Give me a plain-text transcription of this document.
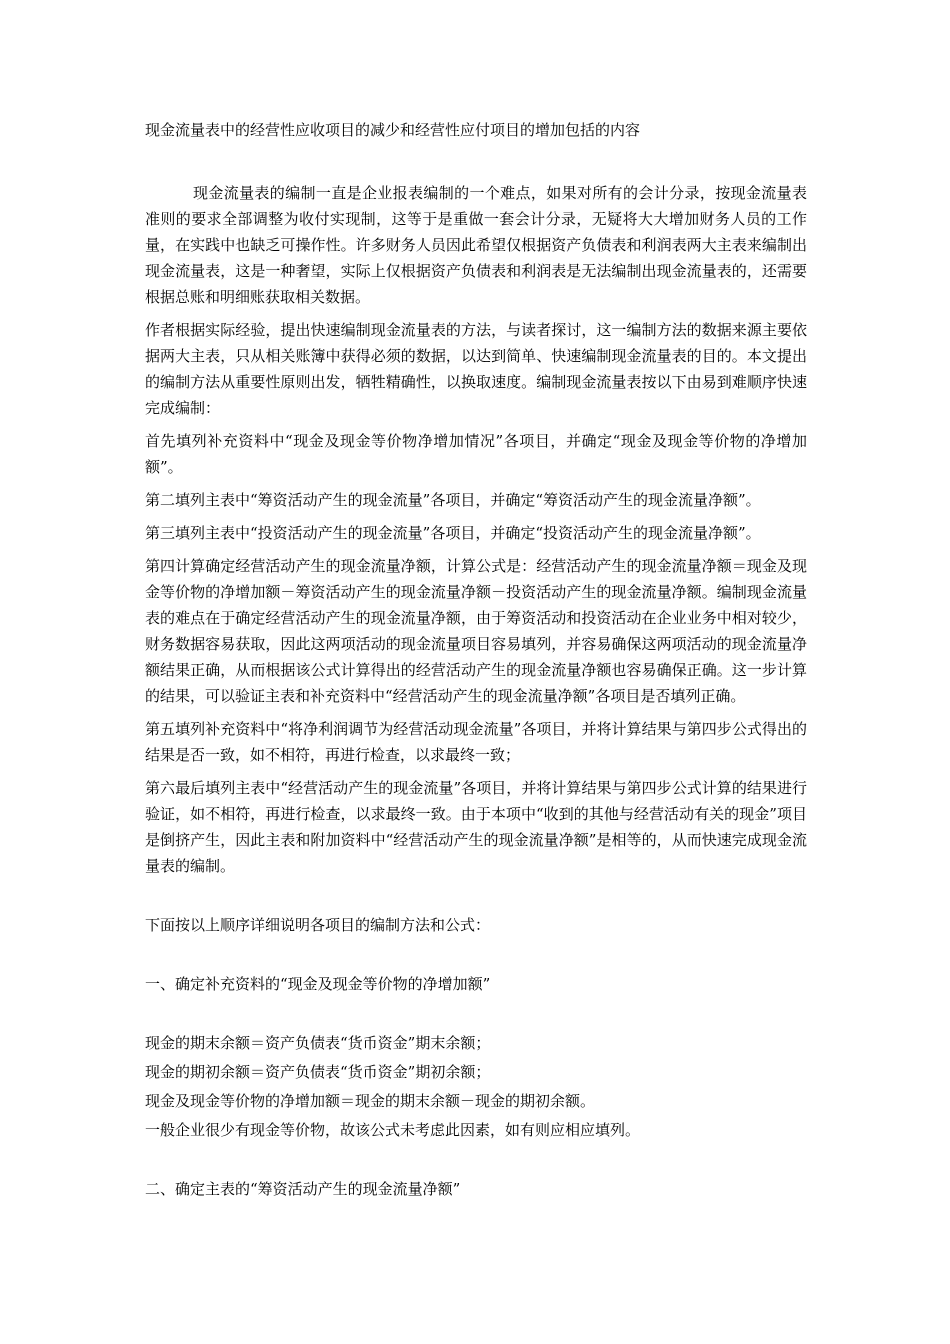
现金流量表中的经营性应收项目的减少和经营性应付项目的增加包括的内容

现金流量表的编制一直是企业报表编制的一个难点，如果对所有的会计分录，按现金流量表准则的要求全部调整为收付实现制，这等于是重做一套会计分录，无疑将大大增加财务人员的工作量，在实践中也缺乏可操作性。许多财务人员因此希望仅根据资产负债表和利润表两大主表来编制出现金流量表，这是一种奢望，实际上仅根据资产负债表和利润表是无法编制出现金流量表的，还需要根据总账和明细账获取相关数据。

作者根据实际经验，提出快速编制现金流量表的方法，与读者探讨，这一编制方法的数据来源主要依据两大主表，只从相关账簿中获得必须的数据，以达到简单、快速编制现金流量表的目的。本文提出的编制方法从重要性原则出发，牺牲精确性，以换取速度。编制现金流量表按以下由易到难顺序快速完成编制：

首先填列补充资料中“现金及现金等价物净增加情况”各项目，并确定“现金及现金等价物的净增加额”。

第二填列主表中“筹资活动产生的现金流量”各项目，并确定“筹资活动产生的现金流量净额”。

第三填列主表中“投资活动产生的现金流量”各项目，并确定“投资活动产生的现金流量净额”。

第四计算确定经营活动产生的现金流量净额，计算公式是：经营活动产生的现金流量净额＝现金及现金等价物的净增加额－筹资活动产生的现金流量净额－投资活动产生的现金流量净额。编制现金流量表的难点在于确定经营活动产生的现金流量净额，由于筹资活动和投资活动在企业业务中相对较少，财务数据容易获取，因此这两项活动的现金流量项目容易填列，并容易确保这两项活动的现金流量净额结果正确，从而根据该公式计算得出的经营活动产生的现金流量净额也容易确保正确。这一步计算的结果，可以验证主表和补充资料中“经营活动产生的现金流量净额”各项目是否填列正确。

第五填列补充资料中“将净利润调节为经营活动现金流量”各项目，并将计算结果与第四步公式得出的结果是否一致，如不相符，再进行检查，以求最终一致；

第六最后填列主表中“经营活动产生的现金流量”各项目，并将计算结果与第四步公式计算的结果进行验证，如不相符，再进行检查，以求最终一致。由于本项中“收到的其他与经营活动有关的现金”项目是倒挤产生，因此主表和附加资料中“经营活动产生的现金流量净额”是相等的，从而快速完成现金流量表的编制。

下面按以上顺序详细说明各项目的编制方法和公式：

一、确定补充资料的“现金及现金等价物的净增加额”

现金的期末余额＝资产负债表“货币资金”期末余额；

现金的期初余额＝资产负债表“货币资金”期初余额；

现金及现金等价物的净增加额＝现金的期末余额－现金的期初余额。

一般企业很少有现金等价物，故该公式未考虑此因素，如有则应相应填列。

二、确定主表的“筹资活动产生的现金流量净额”
